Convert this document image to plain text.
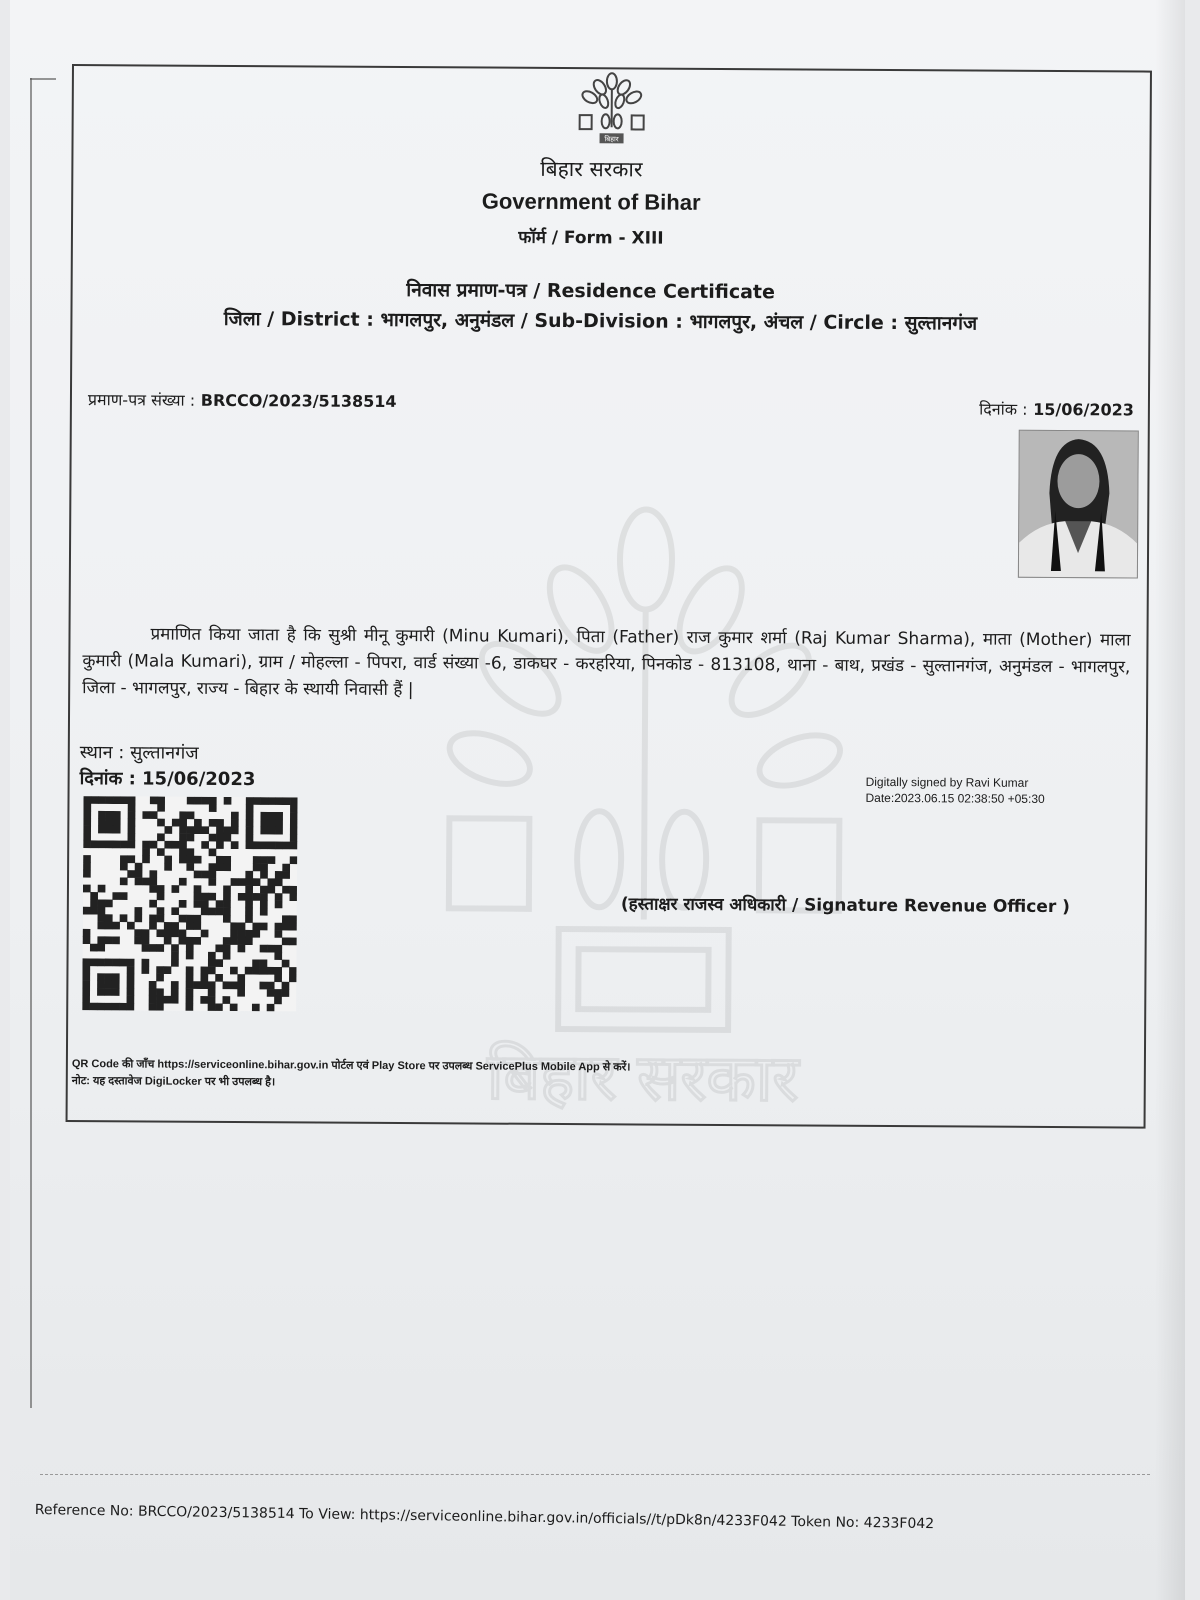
बिहार सरकार
बिहार
बिहार सरकार
Government of Bihar
फॉर्म / Form - XIII
निवास प्रमाण-पत्र / Residence Certificate
जिला / District : भागलपुर, अनुमंडल / Sub-Division : भागलपुर, अंचल / Circle : सुल्तानगंज
प्रमाण-पत्र संख्या : BRCCO/2023/5138514	दिनांक : 15/06/2023
प्रमाणित किया जाता है कि सुश्री मीनू कुमारी (Minu Kumari), पिता (Father) राज कुमार शर्मा (Raj Kumar Sharma), माता (Mother) माला कुमारी (Mala Kumari), ग्राम / मोहल्ला - पिपरा, वार्ड संख्या -6, डाकघर - करहरिया, पिनकोड - 813108, थाना - बाथ, प्रखंड - सुल्तानगंज, अनुमंडल - भागलपुर, जिला - भागलपुर, राज्य - बिहार के स्थायी निवासी हैं |
स्थान : सुल्तानगंज
दिनांक : 15/06/2023	Digitally signed by Ravi Kumar
Date:2023.06.15 02:38:50 +05:30
(हस्ताक्षर राजस्व अधिकारी / Signature Revenue Officer )
QR Code की जाँच https://serviceonline.bihar.gov.in पोर्टल एवं Play Store पर उपलब्ध ServicePlus Mobile App से करें।
नोट: यह दस्तावेज DigiLocker पर भी उपलब्ध है।
Reference No: BRCCO/2023/5138514 To View: https://serviceonline.bihar.gov.in/officials//t/pDk8n/4233F042 Token No: 4233F042
